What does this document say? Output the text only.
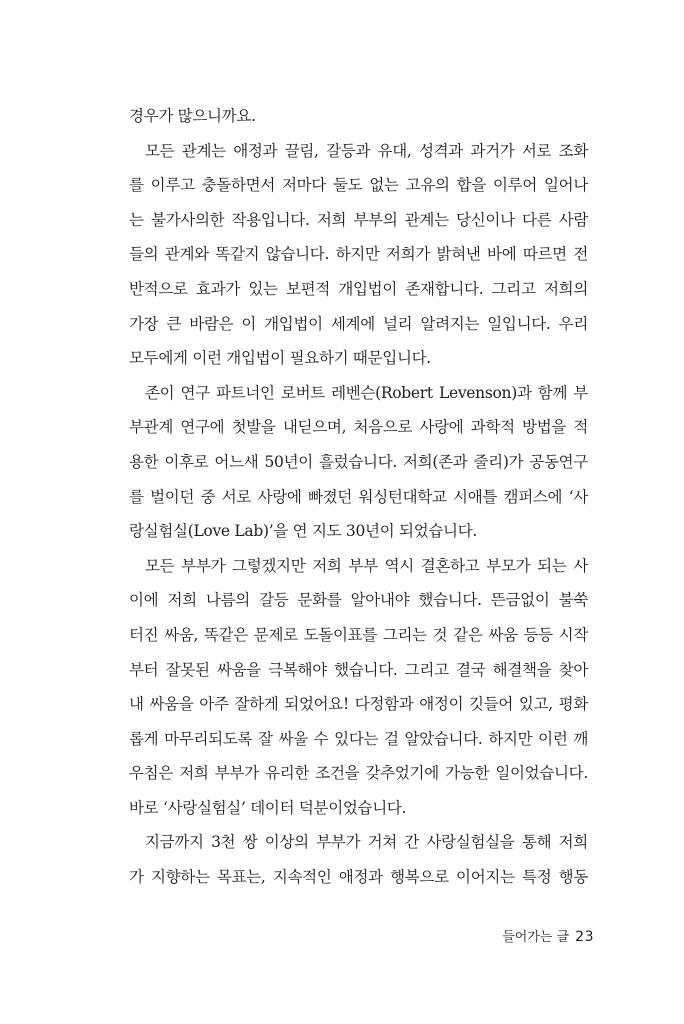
경우가 많으니까요.
모든 관계는 애정과 끌림, 갈등과 유대, 성격과 과거가 서로 조화
를 이루고 충돌하면서 저마다 둘도 없는 고유의 합을 이루어 일어나
는 불가사의한 작용입니다. 저희 부부의 관계는 당신이나 다른 사람
들의 관계와 똑같지 않습니다. 하지만 저희가 밝혀낸 바에 따르면 전
반적으로 효과가 있는 보편적 개입법이 존재합니다. 그리고 저희의
가장 큰 바람은 이 개입법이 세계에 널리 알려지는 일입니다. 우리
모두에게 이런 개입법이 필요하기 때문입니다.
존이 연구 파트너인 로버트 레벤슨(Robert Levenson)과 함께 부
부관계 연구에 첫발을 내딛으며, 처음으로 사랑에 과학적 방법을 적
용한 이후로 어느새 50년이 흘렀습니다. 저희(존과 줄리)가 공동연구
를 벌이던 중 서로 사랑에 빠졌던 워싱턴대학교 시애틀 캠퍼스에 ‘사
랑실험실(Love Lab)’을 연 지도 30년이 되었습니다.
모든 부부가 그렇겠지만 저희 부부 역시 결혼하고 부모가 되는 사
이에 저희 나름의 갈등 문화를 알아내야 했습니다. 뜬금없이 불쑥
터진 싸움, 똑같은 문제로 도돌이표를 그리는 것 같은 싸움 등등 시작
부터 잘못된 싸움을 극복해야 했습니다. 그리고 결국 해결책을 찾아
내 싸움을 아주 잘하게 되었어요! 다정함과 애정이 깃들어 있고, 평화
롭게 마무리되도록 잘 싸울 수 있다는 걸 알았습니다. 하지만 이런 깨
우침은 저희 부부가 유리한 조건을 갖추었기에 가능한 일이었습니다.
바로 ‘사랑실험실’ 데이터 덕분이었습니다.
지금까지 3천 쌍 이상의 부부가 거쳐 간 사랑실험실을 통해 저희
가 지향하는 목표는, 지속적인 애정과 행복으로 이어지는 특정 행동
들어가는 글 23
